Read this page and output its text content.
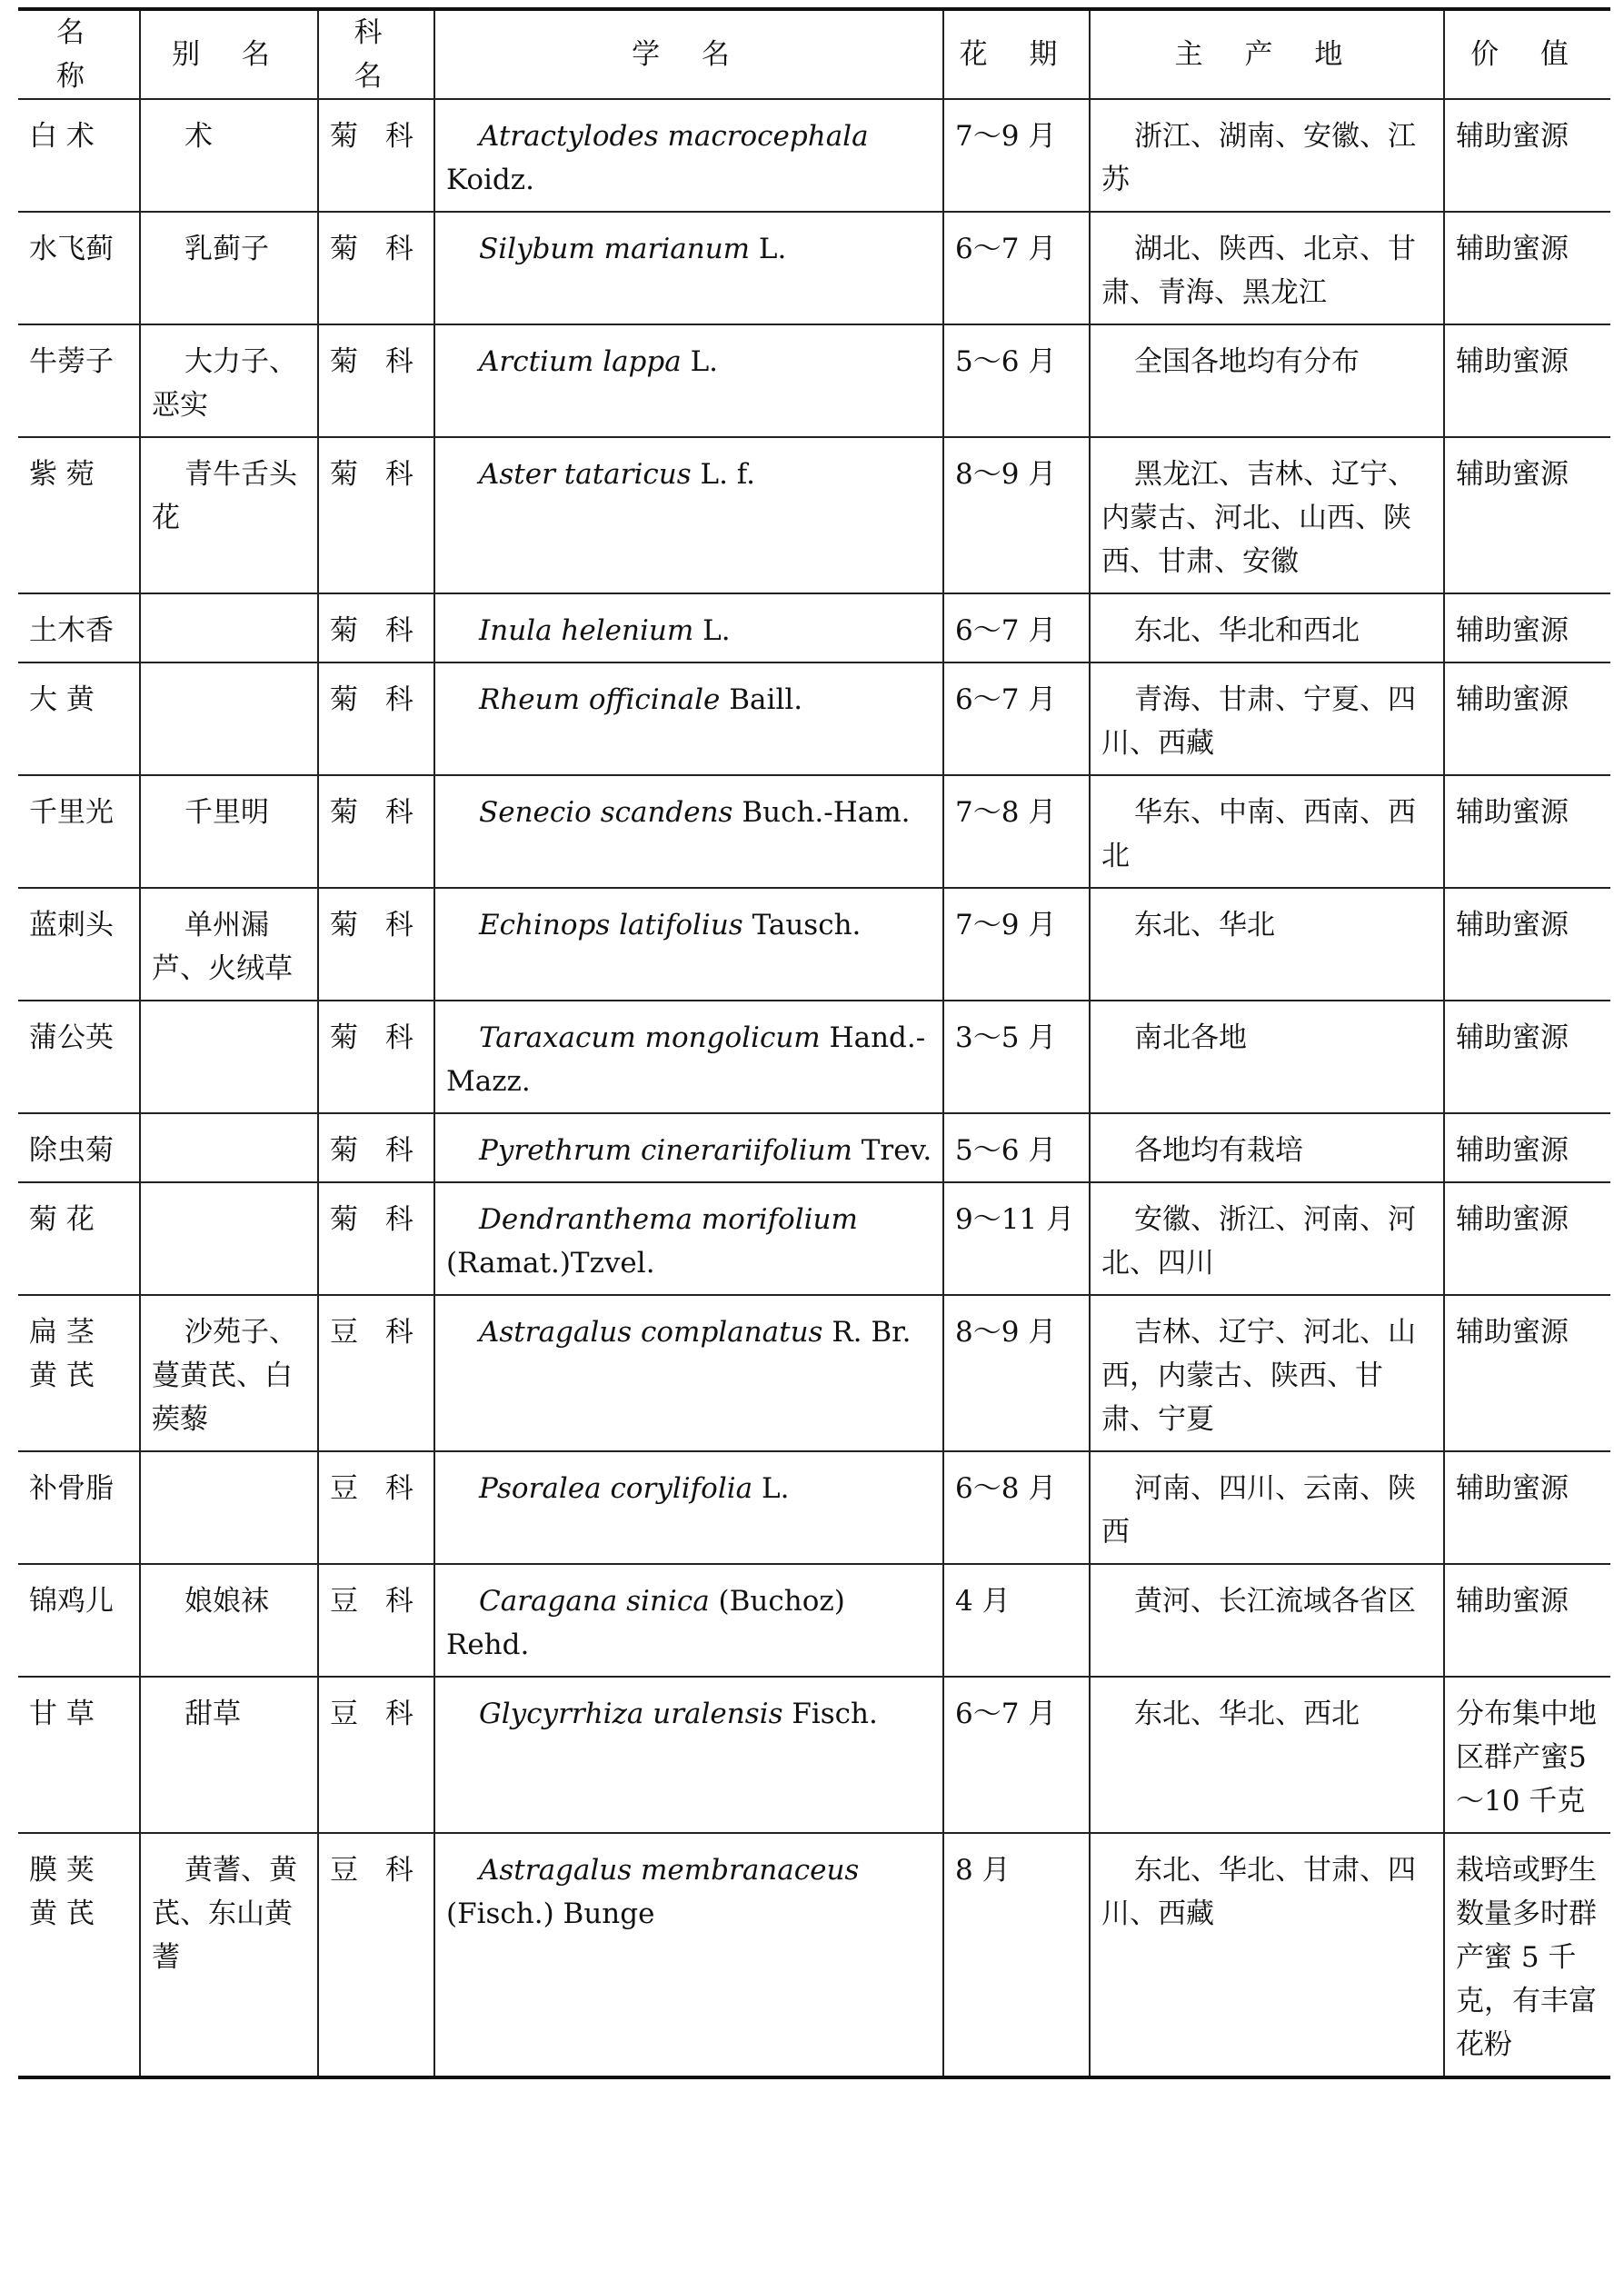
名 称	别 名	科 名	学 名	花 期	主 产 地	价 值
白 术	术	菊 科	Atractylodes macrocephala Koidz.	7～9 月	浙江、湖南、安徽、江苏	辅助蜜源
水飞蓟	乳蓟子	菊 科	Silybum marianum L.	6～7 月	湖北、陕西、北京、甘肃、青海、黑龙江	辅助蜜源
牛蒡子	大力子、恶实	菊 科	Arctium lappa L.	5～6 月	全国各地均有分布	辅助蜜源
紫 菀	青牛舌头花	菊 科	Aster tataricus L. f.	8～9 月	黑龙江、吉林、辽宁、内蒙古、河北、山西、陕西、甘肃、安徽	辅助蜜源
土木香		菊 科	Inula helenium L.	6～7 月	东北、华北和西北	辅助蜜源
大 黄		菊 科	Rheum officinale Baill.	6～7 月	青海、甘肃、宁夏、四川、西藏	辅助蜜源
千里光	千里明	菊 科	Senecio scandens Buch.-Ham.	7～8 月	华东、中南、西南、西北	辅助蜜源
蓝刺头	单州漏芦、火绒草	菊 科	Echinops latifolius Tausch.	7～9 月	东北、华北	辅助蜜源
蒲公英		菊 科	Taraxacum mongolicum Hand.-Mazz.	3～5 月	南北各地	辅助蜜源
除虫菊		菊 科	Pyrethrum cinerariifolium Trev.	5～6 月	各地均有栽培	辅助蜜源
菊 花		菊 科	Dendranthema morifolium (Ramat.)Tzvel.	9～11 月	安徽、浙江、河南、河北、四川	辅助蜜源
扁 茎 黄 芪	沙苑子、蔓黄芪、白蒺藜	豆 科	Astragalus complanatus R. Br.	8～9 月	吉林、辽宁、河北、山西，内蒙古、陕西、甘肃、宁夏	辅助蜜源
补骨脂		豆 科	Psoralea corylifolia L.	6～8 月	河南、四川、云南、陕西	辅助蜜源
锦鸡儿	娘娘袜	豆 科	Caragana sinica (Buchoz) Rehd.	4 月	黄河、长江流域各省区	辅助蜜源
甘 草	甜草	豆 科	Glycyrrhiza uralensis Fisch.	6～7 月	东北、华北、西北	分布集中地区群产蜜5～10 千克
膜 荚 黄 芪	黄蓍、黄芪、东山黄蓍	豆 科	Astragalus membranaceus (Fisch.) Bunge	8 月	东北、华北、甘肃、四川、西藏	栽培或野生数量多时群产蜜 5 千克，有丰富花粉
